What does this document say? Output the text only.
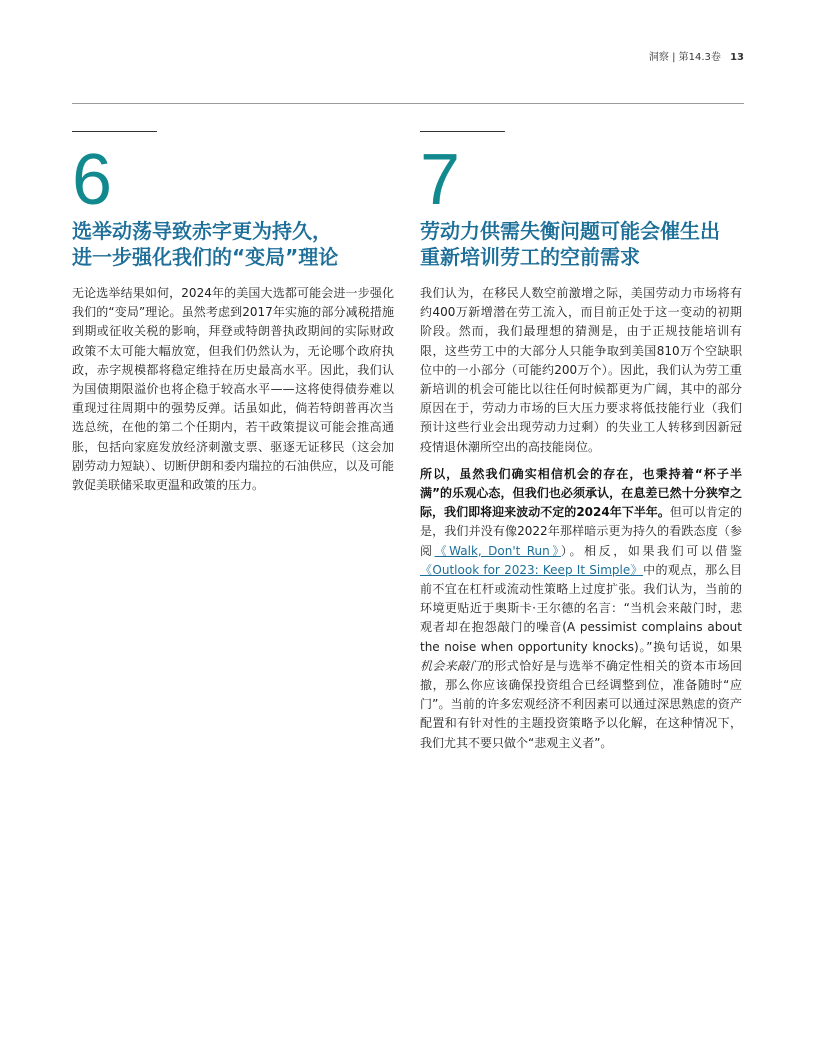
洞察 | 第14.3卷 13
6
选举动荡导致赤字更为持久，
进一步强化我们的“变局”理论

无论选举结果如何，2024年的美国大选都可能会进一步强化我们的“变局”理论。虽然考虑到2017年实施的部分减税措施到期或征收关税的影响，拜登或特朗普执政期间的实际财政政策不太可能大幅放宽，但我们仍然认为，无论哪个政府执政，赤字规模都将稳定维持在历史最高水平。因此，我们认为国债期限溢价也将企稳于较高水平——这将使得债券难以重现过往周期中的强势反弹。话虽如此，倘若特朗普再次当选总统，在他的第二个任期内，若干政策提议可能会推高通胀，包括向家庭发放经济刺激支票、驱逐无证移民（这会加剧劳动力短缺）、切断伊朗和委内瑞拉的石油供应，以及可能敦促美联储采取更温和政策的压力。

7
劳动力供需失衡问题可能会催生出
重新培训劳工的空前需求

我们认为，在移民人数空前激增之际，美国劳动力市场将有约400万新增潜在劳工流入，而目前正处于这一变动的初期阶段。然而，我们最理想的猜测是，由于正规技能培训有限，这些劳工中的大部分人只能争取到美国810万个空缺职位中的一小部分（可能约200万个）。因此，我们认为劳工重新培训的机会可能比以往任何时候都更为广阔，其中的部分原因在于，劳动力市场的巨大压力要求将低技能行业（我们预计这些行业会出现劳动力过剩）的失业工人转移到因新冠疫情退休潮所空出的高技能岗位。

所以，虽然我们确实相信机会的存在，也秉持着“杯子半满”的乐观心态，但我们也必须承认，在息差已然十分狭窄之际，我们即将迎来波动不定的2024年下半年。但可以肯定的是，我们并没有像2022年那样暗示更为持久的看跌态度（参阅《Walk, Don't Run》）。相反，如果我们可以借鉴《Outlook for 2023: Keep It Simple》中的观点，那么目前不宜在杠杆或流动性策略上过度扩张。我们认为，当前的环境更贴近于奥斯卡·王尔德的名言：“当机会来敲门时，悲观者却在抱怨敲门的噪音(A pessimist complains about the noise when opportunity knocks)。”换句话说，如果机会来敲门的形式恰好是与选举不确定性相关的资本市场回撤，那么你应该确保投资组合已经调整到位，准备随时“应门”。当前的许多宏观经济不利因素可以通过深思熟虑的资产配置和有针对性的主题投资策略予以化解，在这种情况下，我们尤其不要只做个“悲观主义者”。
